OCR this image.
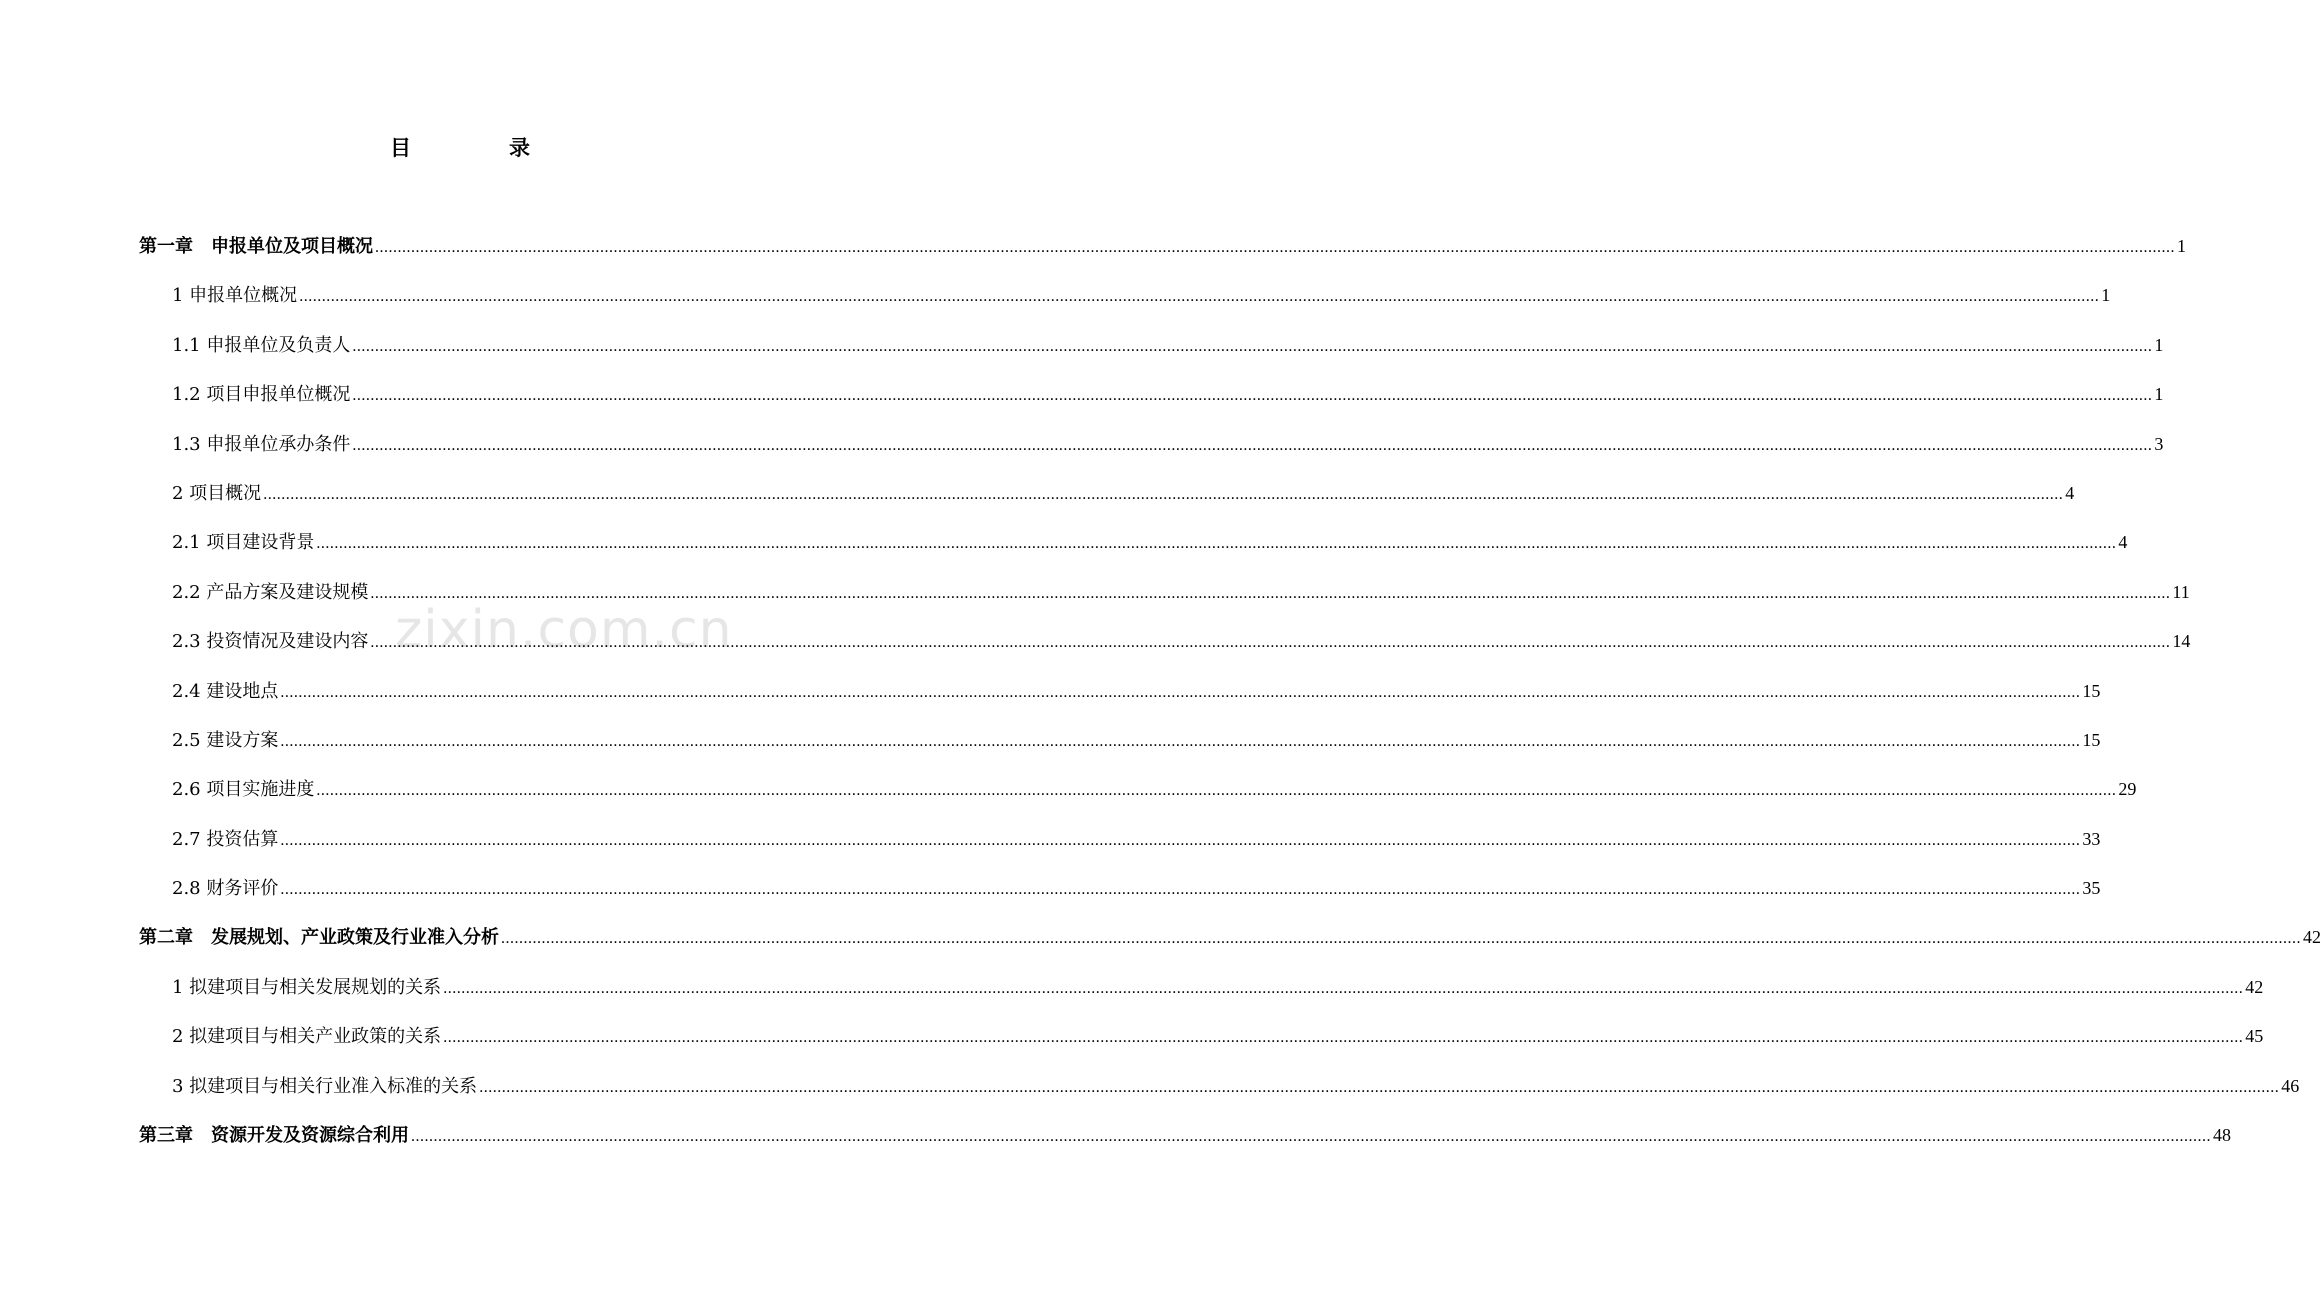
目	录
zixin.com.cn
第一章　申报单位及项目概况 ................................................................................................................................................................................................................................................................................................................................................................................................................ 1
1 申报单位概况 ................................................................................................................................................................................................................................................................................................................................................................................................................ 1
1.1 申报单位及负责人 ................................................................................................................................................................................................................................................................................................................................................................................................................ 1
1.2 项目申报单位概况 ................................................................................................................................................................................................................................................................................................................................................................................................................ 1
1.3 申报单位承办条件 ................................................................................................................................................................................................................................................................................................................................................................................................................ 3
2 项目概况 ................................................................................................................................................................................................................................................................................................................................................................................................................ 4
2.1 项目建设背景 ................................................................................................................................................................................................................................................................................................................................................................................................................ 4
2.2 产品方案及建设规模 ................................................................................................................................................................................................................................................................................................................................................................................................................ 11
2.3 投资情况及建设内容 ................................................................................................................................................................................................................................................................................................................................................................................................................ 14
2.4 建设地点 ................................................................................................................................................................................................................................................................................................................................................................................................................ 15
2.5 建设方案 ................................................................................................................................................................................................................................................................................................................................................................................................................ 15
2.6 项目实施进度 ................................................................................................................................................................................................................................................................................................................................................................................................................ 29
2.7 投资估算 ................................................................................................................................................................................................................................................................................................................................................................................................................ 33
2.8 财务评价 ................................................................................................................................................................................................................................................................................................................................................................................................................ 35
第二章　发展规划、产业政策及行业准入分析 ................................................................................................................................................................................................................................................................................................................................................................................................................ 42
1 拟建项目与相关发展规划的关系 ................................................................................................................................................................................................................................................................................................................................................................................................................ 42
2 拟建项目与相关产业政策的关系 ................................................................................................................................................................................................................................................................................................................................................................................................................ 45
3 拟建项目与相关行业准入标准的关系 ................................................................................................................................................................................................................................................................................................................................................................................................................ 46
第三章　资源开发及资源综合利用 ................................................................................................................................................................................................................................................................................................................................................................................................................ 48
